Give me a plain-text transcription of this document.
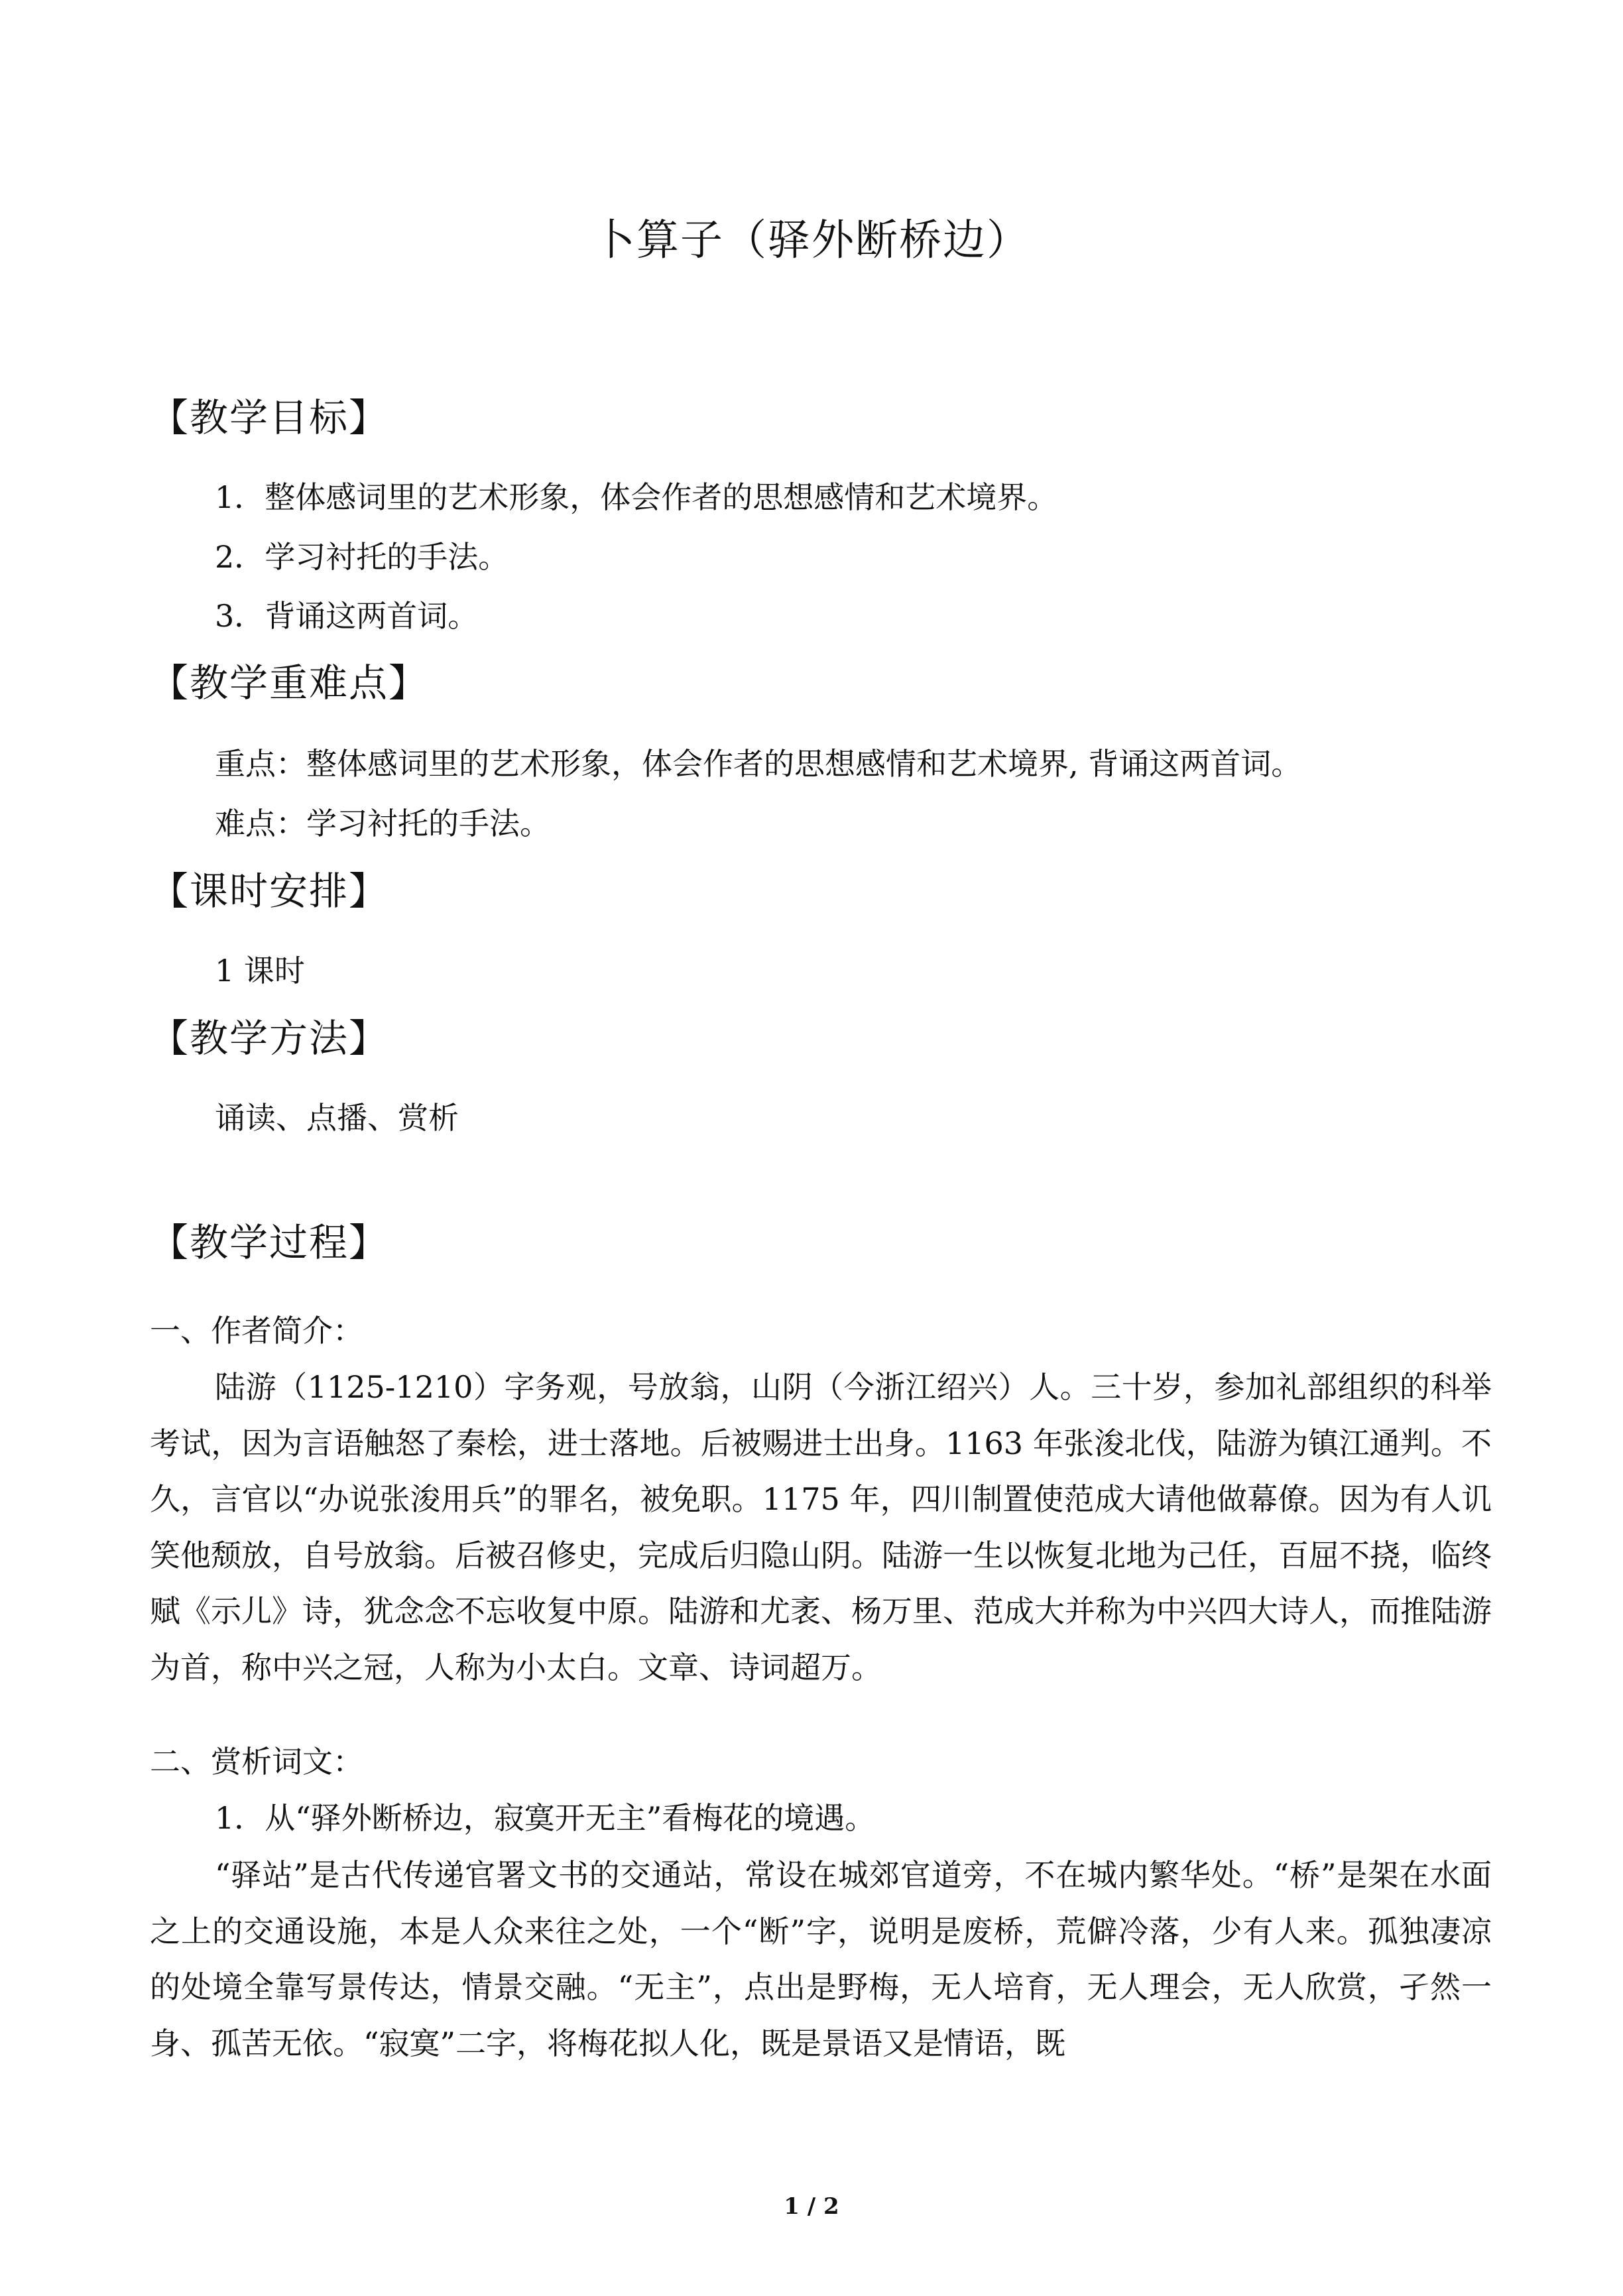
卜算子（驿外断桥边）
【教学目标】
1．整体感词里的艺术形象，体会作者的思想感情和艺术境界。
2．学习衬托的手法。
3．背诵这两首词。
【教学重难点】
重点：整体感词里的艺术形象，体会作者的思想感情和艺术境界, 背诵这两首词。
难点：学习衬托的手法。
【课时安排】
1 课时
【教学方法】
诵读、点播、赏析
【教学过程】
一、作者简介：
陆游（1125-1210）字务观，号放翁，山阴（今浙江绍兴）人。三十岁，参加礼部组织的科举考试，因为言语触怒了秦桧，进士落地。后被赐进士出身。1163 年张浚北伐，陆游为镇江通判。不久，言官以“办说张浚用兵”的罪名，被免职。1175 年，四川制置使范成大请他做幕僚。因为有人讥笑他颓放，自号放翁。后被召修史，完成后归隐山阴。陆游一生以恢复北地为己任，百屈不挠，临终赋《示儿》诗，犹念念不忘收复中原。陆游和尤袤、杨万里、范成大并称为中兴四大诗人，而推陆游为首，称中兴之冠，人称为小太白。文章、诗词超万。
二、赏析词文：
1．从“驿外断桥边，寂寞开无主”看梅花的境遇。
“驿站”是古代传递官署文书的交通站，常设在城郊官道旁，不在城内繁华处。“桥”是架在水面之上的交通设施，本是人众来往之处，一个“断”字，说明是废桥，荒僻冷落，少有人来。孤独凄凉的处境全靠写景传达，情景交融。“无主”，点出是野梅，无人培育，无人理会，无人欣赏，孑然一身、孤苦无依。“寂寞”二字，将梅花拟人化，既是景语又是情语，既
1 / 2
